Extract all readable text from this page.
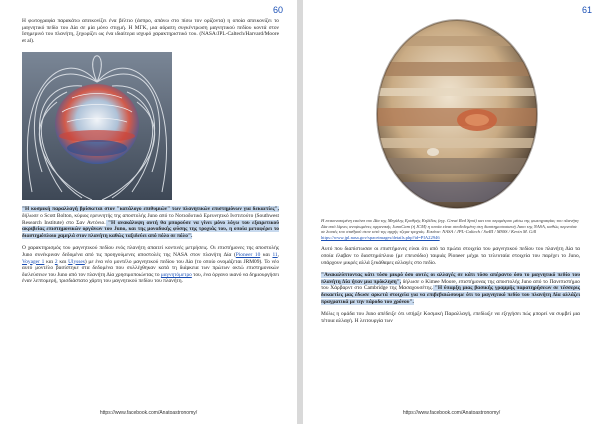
60

Η φωτογραφία παρακάτω απεικονίζει ένα βέλτιο (άσπρο, απάνω στο πίσω τον ορίζοντα) η οποία απεικονίζει το μαγνητικό πεδίο του Δία σε μία μόνο στιγμή. Η ΜΓΚ, μια αόρατη συγκέντρωση μαγνητικού πεδίου κοντά στον Ισημερινό του πλανήτη, ξεχωρίζει ως ένα ιδιαίτερα ισχυρό χαρακτηριστικό του. (NASA/JPL-Caltech/Harvard/Moore et al).

"Η κοσμική παραλλαγή βρίσκεται στον "κατάλογο επιθυμιών" των πλανητικών επιστημόνων για δεκαετίες", δήλωσε ο Scott Bolton, κύριος ερευνητής της αποστολής Juno από το Νοτιοδυτικό Ερευνητικό Ινστιτούτο (Southwest Research Institute) στο Σαν Αντόνιο. "Η ανακάλυψη αυτή θα μπορούσε να γίνει μόνο λόγω του εξαιρετικού ακριβείας επιστημονικών οργάνων του Juno, και της μοναδικής φύσης της τροχιάς του, η οποία μεταφέρει το διαστημόπλοιο χαμηλά στον πλανήτη καθώς ταξιδεύει από πόλο σε πόλο".

Ο χαρακτηρισμός του μαγνητικού πεδίου ενός πλανήτη απαιτεί κοντινές μετρήσεις. Οι επιστήμονες της αποστολής Juno συνέκριναν δεδομένα από τις προηγούμενες αποστολές της NASA στον πλανήτη Δία (Pioneer 10 και 11, Voyager 1 και 2 και Ulysses) με ένα νέο μοντέλο μαγνητικού πεδίου του Δία (το οποίο ονομάζεται JRM09). Το νέο αυτό μοντέλο βασίστηκε στα δεδομένα που συλλέχθηκαν κατά τη διάρκεια των πρώτων οκτώ επιστημονικών διελεύσεων του Juno από τον πλανήτη Δία χρησιμοποιώντας το μαγνητόμετρο του, ένα όργανο ικανό να δημιουργήσει έναν λεπτομερή, τρισδιάστατο χάρτη του μαγνητικού πεδίου του πλανήτη.

https://www.facebook.com/Anatoastronomy/
61

Η επικονιασμένη εικόνα του Δία της Μεγάλης Ερυθρής Κηλίδας (εγγ. Great Red Spot) και του περιμέτρου μέσω της φωτογραφίας του πλανήτη Δία από λίμνες ανυψωμένες οργανικής JunoCam (ή JCM) η οποία είναι συνδεδεμένη στη διαστημοσυσκευή Juno της NASA, καθώς περνούσε σε λοιπές του σταθμού στον ιστό της αρχής τζερα τροχιάς. Εικόνα: NASA / JPL-Caltech / SwRI / MSSS / Kevin M. Gill
https://www.jpl.nasa.gov/spaceimages/details.php?id=PIA22946

Αυτό που διαπίστωσαν οι επιστήμονες είναι ότι από τα πρώτα στοιχεία του μαγνητικού πεδίου του πλανήτη Δία τα οποία έλαβαν το διαστημόπλοιο (με επεισόδιο) ταιριάς Pioneer μέχρι τα τελευταία στοιχεία του παρέχει το Juno, υπάρχουν μικρές αλλά ξεκάθαρες αλλαγές στο πεδίο.

"Ανακαλύπτοντας κάτι τόσο μικρό όσο αυτές οι αλλαγές σε κάτι τόσο απέραντο όσο το μαγνητικό πεδίο του πλανήτη Δία ήταν μια πρόκληση", δήλωσε ο Kimee Moore, επιστήμονας της αποστολής Juno από το Πανεπιστήμιο του Χάρβαρντ στο Cambridge της Μασαχουσέτης. "Η ύπαρξη μιας βασικής γραμμής παρατηρήσεων σε τέσσερις δεκαετίες μας έδωσε αρκετά στοιχεία για να επιβεβαιώσουμε ότι το μαγνητικό πεδίο του πλανήτη Δία αλλάζει πραγματικά με την πάροδο του χρόνου".

Μόλις η ομάδα του Juno απέδειξε ότι υπήρξε Κοσμική Παραλλαγή, επεδίωξε να εξηγήσει πώς μπορεί να συμβεί μια τέτοια αλλαγή. Η λειτουργία των

https://www.facebook.com/Anatoastronomy/
